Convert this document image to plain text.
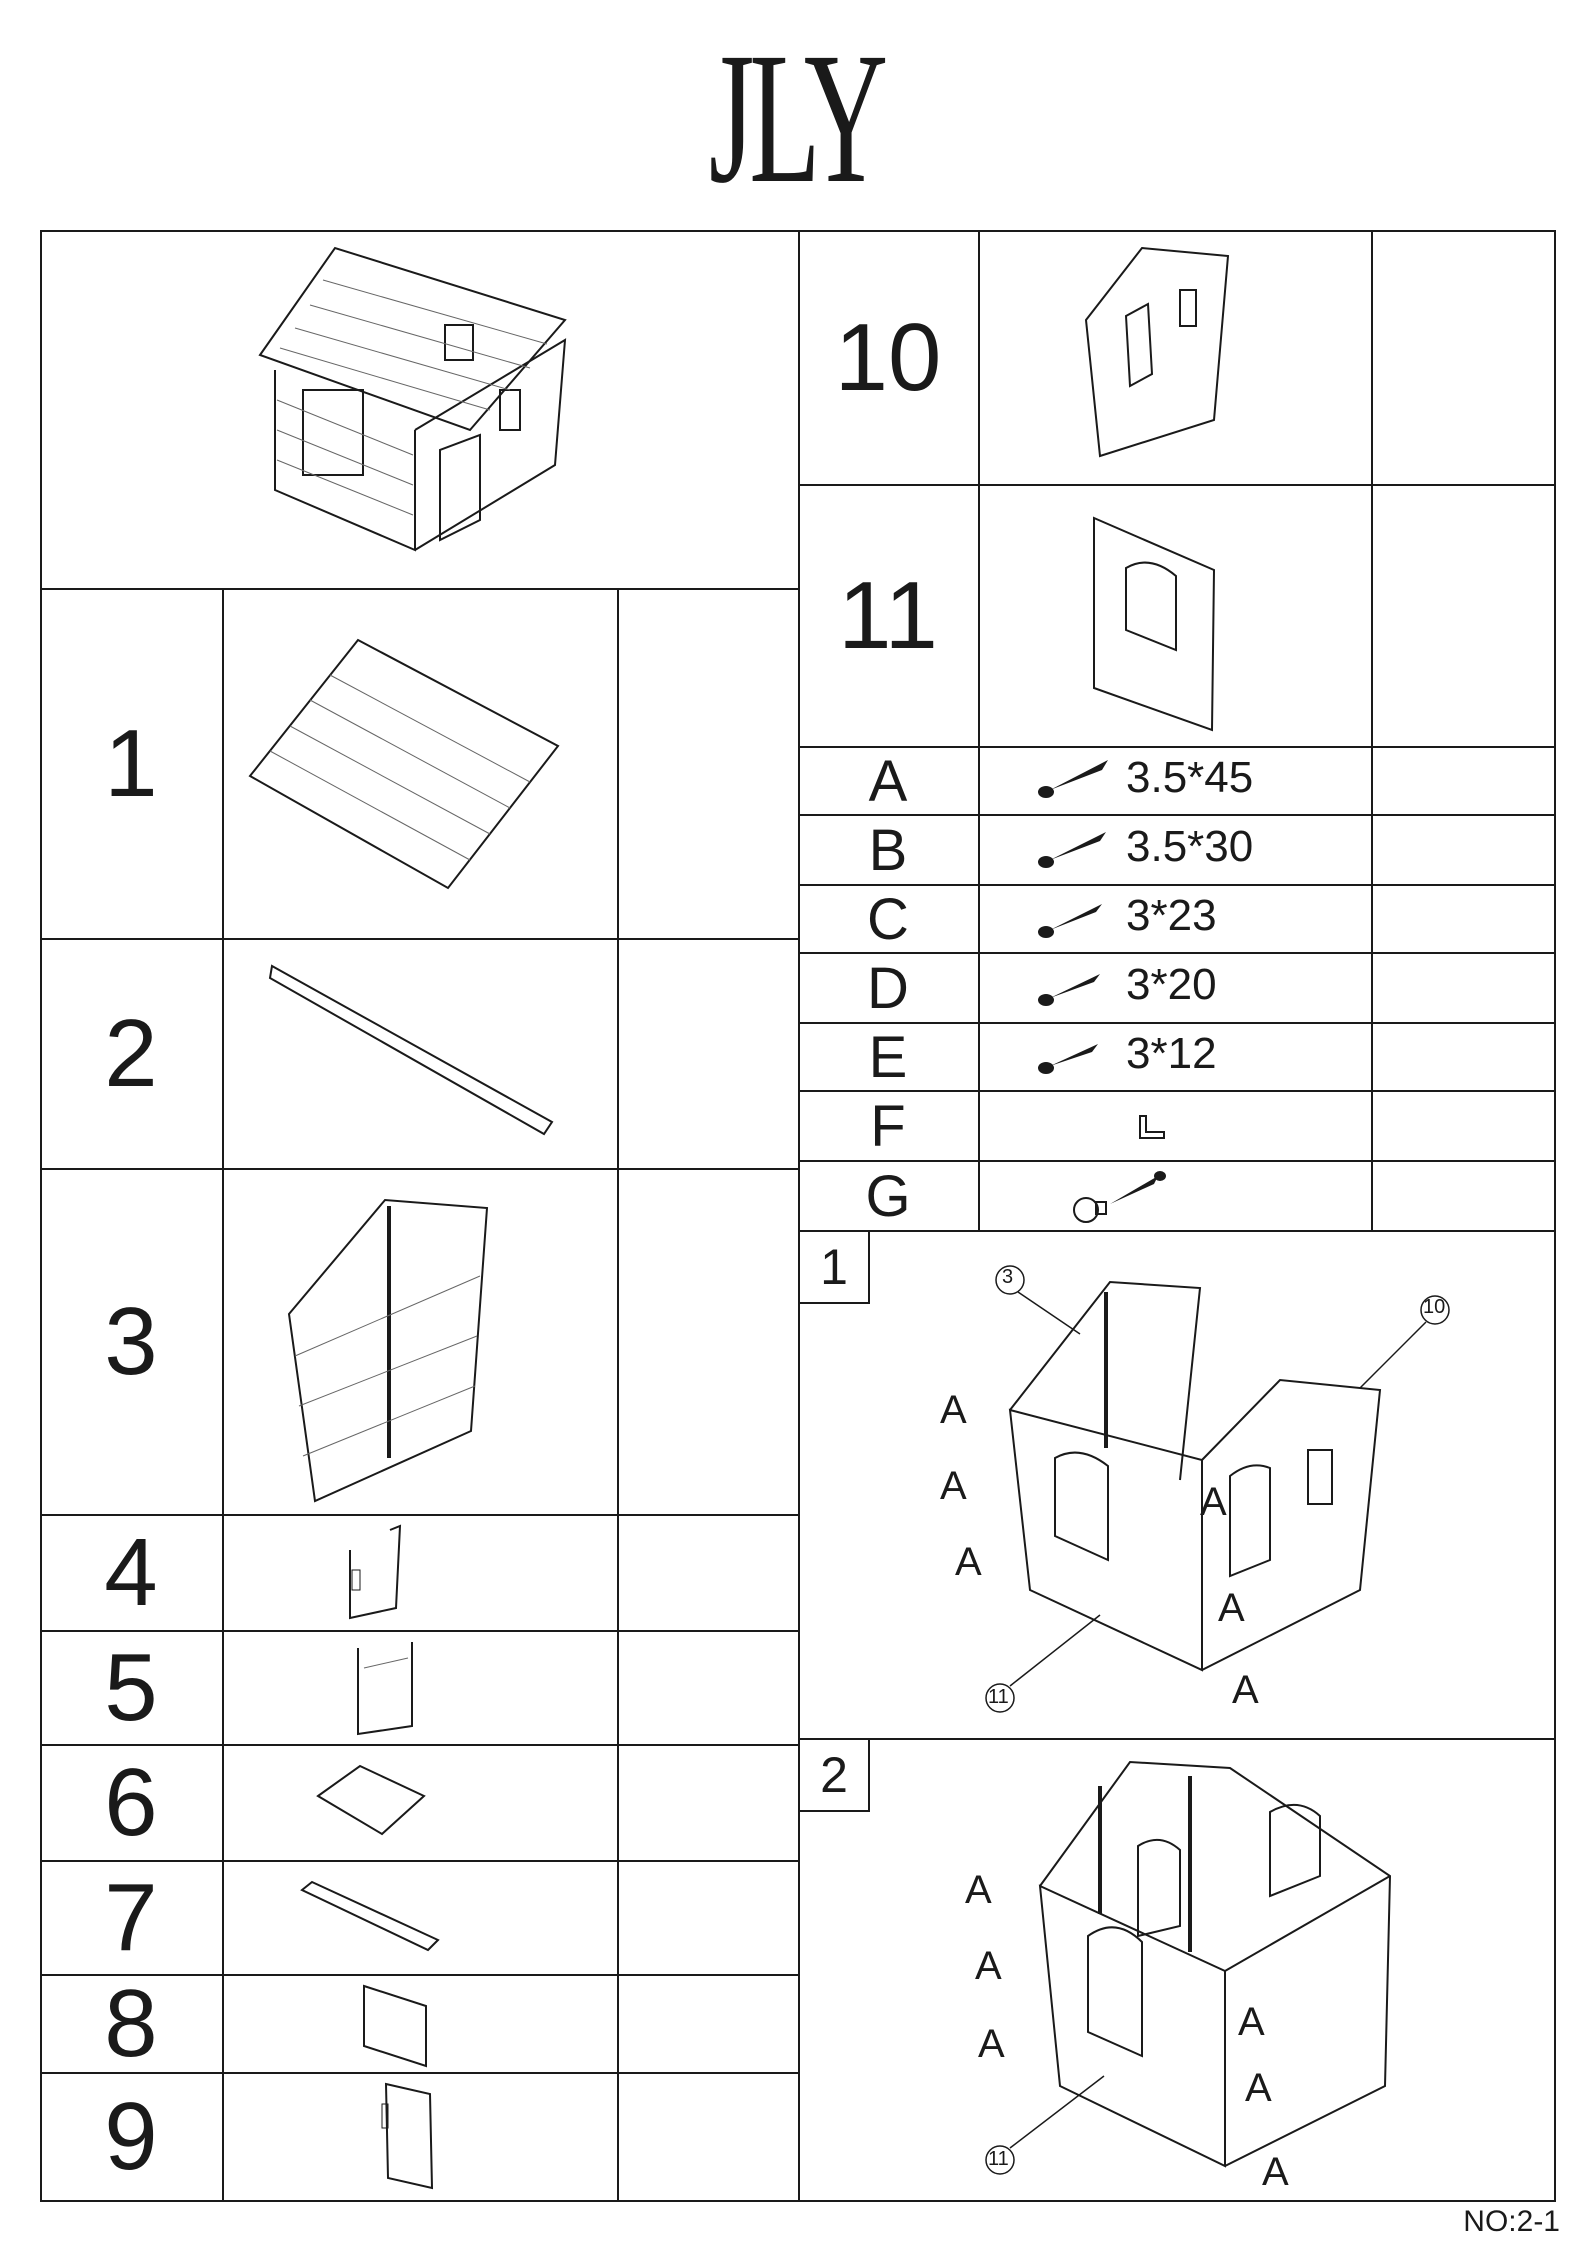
JLY
1
2
3
4
5
6
7
8
9
10
11
A
B
C
D
E
F
G
3.5*45
3.5*30
3*23
3*20
3*12
1
2
3
10
11
A
A
A
A
A
A
11
A
A
A	A
A
A
NO:2-1
